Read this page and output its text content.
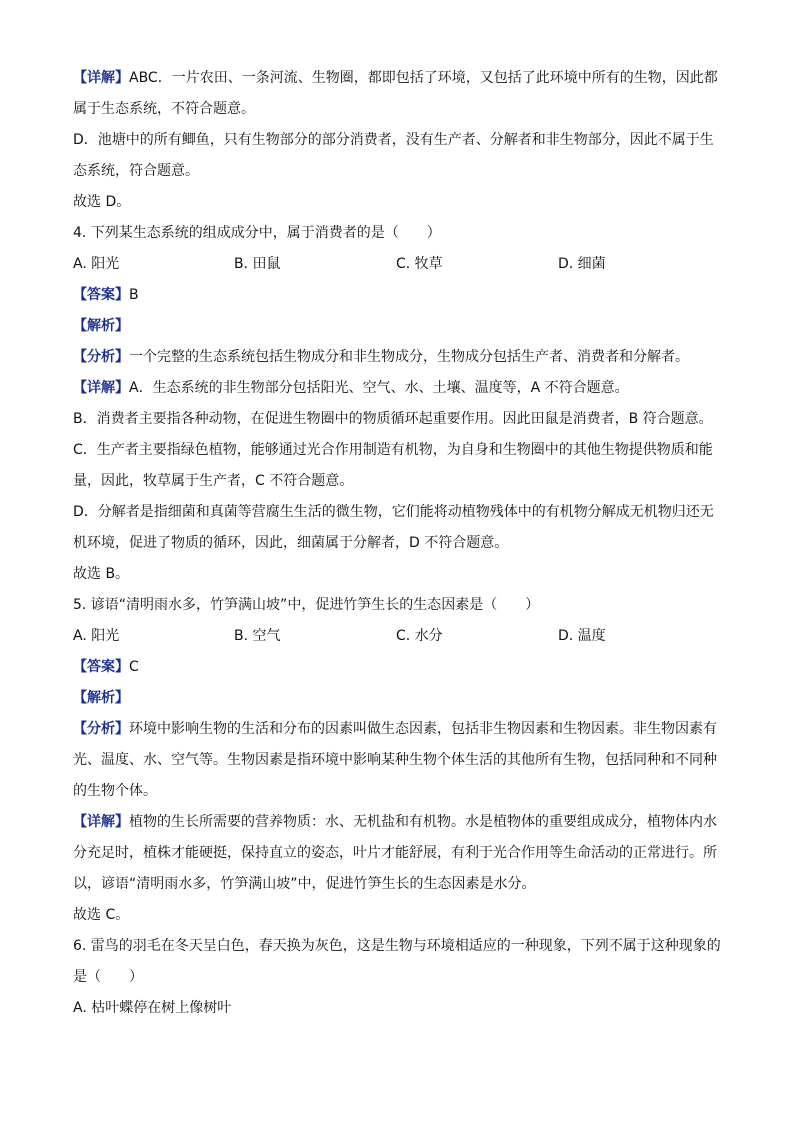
【详解】ABC．一片农田、一条河流、生物圈，都即包括了环境，又包括了此环境中所有的生物，因此都
属于生态系统，不符合题意。
D．池塘中的所有鲫鱼，只有生物部分的部分消费者，没有生产者、分解者和非生物部分，因此不属于生
态系统，符合题意。
故选 D。
4. 下列某生态系统的组成成分中，属于消费者的是（　　）
A. 阳光	B. 田鼠	C. 牧草	D. 细菌
【答案】B
【解析】
【分析】一个完整的生态系统包括生物成分和非生物成分，生物成分包括生产者、消费者和分解者。
【详解】A．生态系统的非生物部分包括阳光、空气、水、土壤、温度等，A 不符合题意。
B．消费者主要指各种动物，在促进生物圈中的物质循环起重要作用。因此田鼠是消费者，B 符合题意。
C．生产者主要指绿色植物，能够通过光合作用制造有机物，为自身和生物圈中的其他生物提供物质和能
量，因此，牧草属于生产者，C 不符合题意。
D．分解者是指细菌和真菌等营腐生生活的微生物，它们能将动植物残体中的有机物分解成无机物归还无
机环境，促进了物质的循环，因此，细菌属于分解者，D 不符合题意。
故选 B。
5. 谚语“清明雨水多，竹笋满山坡”中，促进竹笋生长的生态因素是（　　）
A. 阳光	B. 空气	C. 水分	D. 温度
【答案】C
【解析】
【分析】环境中影响生物的生活和分布的因素叫做生态因素，包括非生物因素和生物因素。非生物因素有
光、温度、水、空气等。生物因素是指环境中影响某种生物个体生活的其他所有生物，包括同种和不同种
的生物个体。
【详解】植物的生长所需要的营养物质：水、无机盐和有机物。水是植物体的重要组成成分，植物体内水
分充足时，植株才能硬挺，保持直立的姿态，叶片才能舒展，有利于光合作用等生命活动的正常进行。所
以，谚语“清明雨水多，竹笋满山坡”中，促进竹笋生长的生态因素是水分。
故选 C。
6. 雷鸟的羽毛在冬天呈白色，春天换为灰色，这是生物与环境相适应的一种现象，下列不属于这种现象的
是（　　）
A. 枯叶蝶停在树上像树叶
